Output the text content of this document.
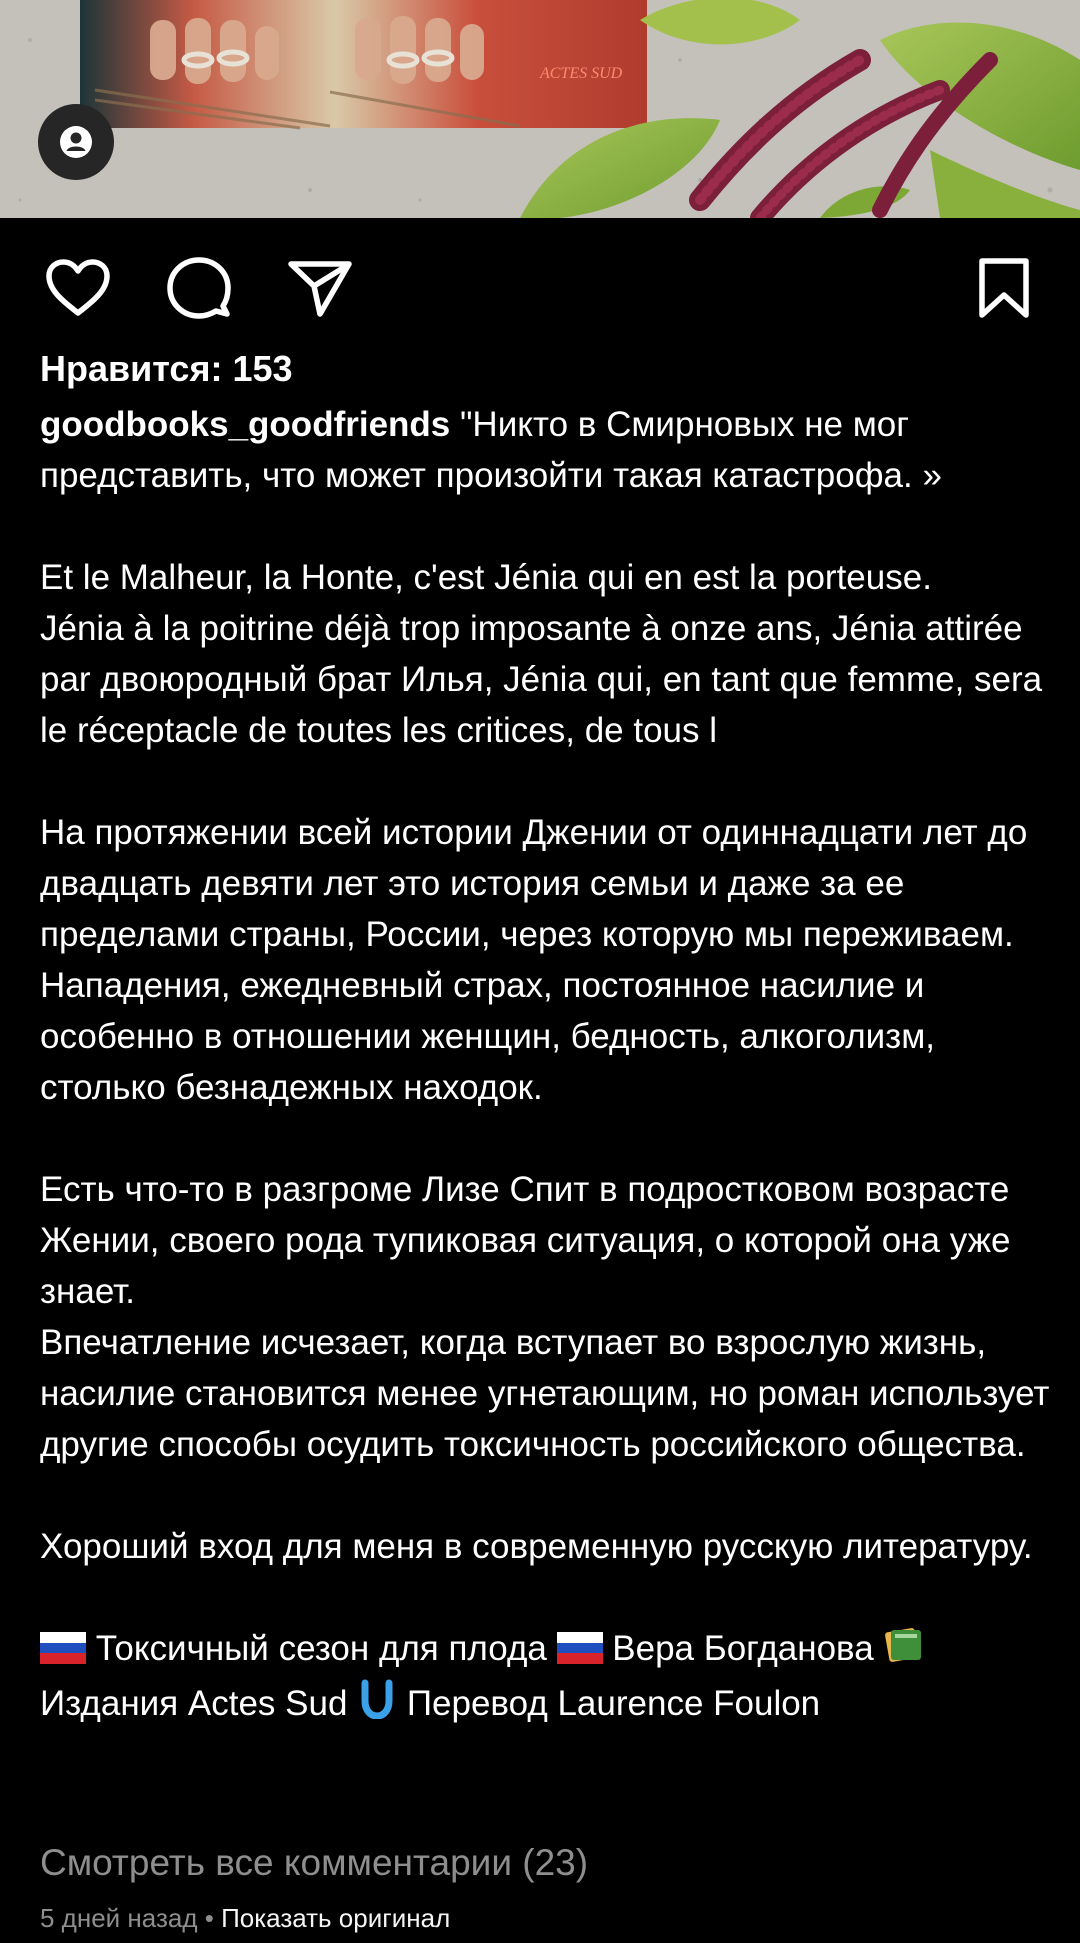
ACTES SUD

Нравится: 153

goodbooks_goodfriends "Никто в Смирновых не мог представить, что может произойти такая катастрофа. »

Et le Malheur, la Honte, c'est Jénia qui en est la porteuse.
Jénia à la poitrine déjà trop imposante à onze ans, Jénia attirée par двоюродный брат Илья, Jénia qui, en tant que femme, sera le réceptacle de toutes les critices, de tous l

На протяжении всей истории Джении от одиннадцати лет до двадцать девяти лет это история семьи и даже за ее пределами страны, России, через которую мы переживаем. Нападения, ежедневный страх, постоянное насилие и особенно в отношении женщин, бедность, алкоголизм, столько безнадежных находок.

Есть что-то в разгроме Лизе Спит в подростковом возрасте Жении, своего рода тупиковая ситуация, о которой она уже знает.
Впечатление исчезает, когда вступает во взрослую жизнь, насилие становится менее угнетающим, но роман использует другие способы осудить токсичность российского общества.

Хороший вход для меня в современную русскую литературу.

Токсичный сезон для плода  Вера Богданова
Издания Actes Sud  Перевод Laurence Foulon

Смотреть все комментарии (23)
5 дней назад • Показать оригинал
